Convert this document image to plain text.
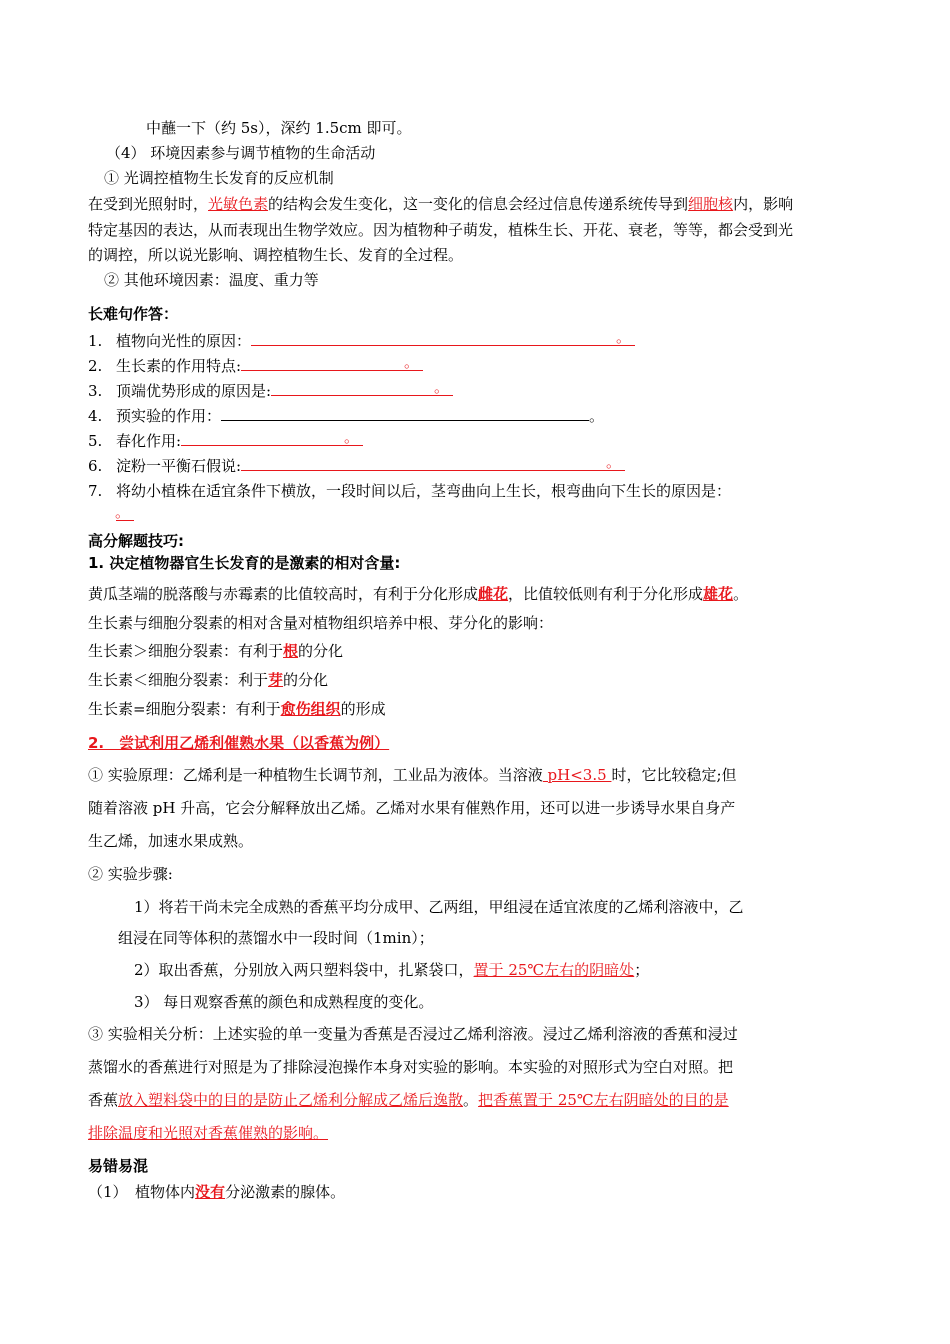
中蘸一下（约 5s），深约 1.5cm 即可。
（4） 环境因素参与调节植物的生命活动
① 光调控植物生长发育的反应机制
在受到光照射时，光敏色素的结构会发生变化，这一变化的信息会经过信息传递系统传导到细胞核内，影响
特定基因的表达，从而表现出生物学效应。因为植物种子萌发，植株生长、开花、衰老，等等，都会受到光
的调控，所以说光影响、调控植物生长、发育的全过程。
② 其他环境因素：温度、重力等
长难句作答：
1. 植物向光性的原因：	。
2. 生长素的作用特点:	。
3. 顶端优势形成的原因是:	。
4. 预实验的作用：	。
5. 春化作用:	。
6. 淀粉一平衡石假说:	。
7. 将幼小植株在适宜条件下横放，一段时间以后，茎弯曲向上生长，根弯曲向下生长的原因是：
。
高分解题技巧:
1. 决定植物器官生长发育的是激素的相对含量:
黄瓜茎端的脱落酸与赤霉素的比值较高时，有利于分化形成雌花，比值较低则有利于分化形成雄花。
生长素与细胞分裂素的相对含量对植物组织培养中根、芽分化的影响：
生长素＞细胞分裂素：有利于根的分化
生长素＜细胞分裂素：利于芽的分化
生长素=细胞分裂素：有利于愈伤组织的形成
2.　尝试利用乙烯利催熟水果（以香蕉为例）
① 实验原理：乙烯利是一种植物生长调节剂，工业品为液体。当溶液 pH<3.5 时，它比较稳定;但
随着溶液 pH 升高，它会分解释放出乙烯。乙烯对水果有催熟作用，还可以进一步诱导水果自身产
生乙烯，加速水果成熟。
② 实验步骤:
1）将若干尚未完全成熟的香蕉平均分成甲、乙两组，甲组浸在适宜浓度的乙烯利溶液中，乙
组浸在同等体积的蒸馏水中一段时间（1min）；
2）取出香蕉，分别放入两只塑料袋中，扎紧袋口，置于 25℃左右的阴暗处；
3） 每日观察香蕉的颜色和成熟程度的变化。
③ 实验相关分析：上述实验的单一变量为香蕉是否浸过乙烯利溶液。浸过乙烯利溶液的香蕉和浸过
蒸馏水的香蕉进行对照是为了排除浸泡操作本身对实验的影响。本实验的对照形式为空白对照。把
香蕉放入塑料袋中的目的是防止乙烯利分解成乙烯后逸散。把香蕉置于 25℃左右阴暗处的目的是
排除温度和光照对香蕉催熟的影响。
易错易混
（1）　植物体内没有分泌激素的腺体。
